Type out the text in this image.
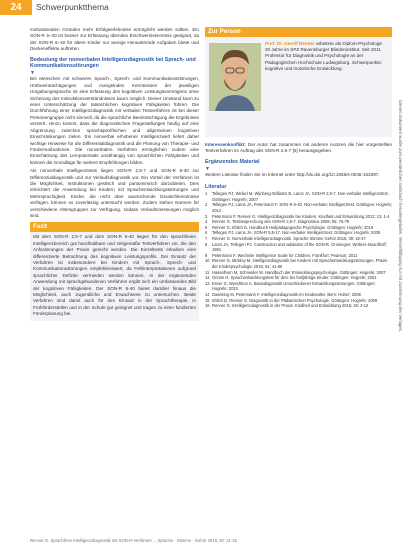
24	Schwerpunktthema

motivationalen Gründen mehr Erfolgserlebnisse ermöglicht werden sollten. Ein SON-R 6–40 ist besser zur Erfassung übendes Erschwerniskenntnis geeignet, da der SON-R 6–40 für ältere Kinder nur wenige Heraustrende Aufgaben bietet und Deckeneffekte auftreten.

Bedeutung der nonverbalen Intelligenzdiagnostik bei Sprach- und Kommunikationsstörungen
▼

Bei Menschen mit schweren Sprach-, Sprech- und Kommunikationsstörungen, Hörbeeinträchtigungen und mangelnden Kenntnissen der jeweiligen Umgebungssprache ist eine Erfassung des kognitiven Leistungsvermögens ohne Sicherung des Instruktionsverständnisses kaum möglich. Dieser Umstand kann zu einer Unterschätzung der tatsächlichen kognitiven Fähigkeiten führen. Die Durchführung einer Intelligenzdiagnostik mit verbalen Testverfahren ist bei dieser Personengruppe nicht sinnvoll, da die sprachliche Beeinträchtigung die Ergebnisse verzerrt. Hinzu kommt, dass die diagnostischen Fragestellungen häufig auf eine Abgrenzung zwischen sprachspezifischen und allgemeinen kognitiven Einschränkungen zielen. Ein nonverbal erhobener Intelligenzwert liefert daher wichtige Hinweise für die Differentialdiagnostik und die Planung von Therapie- und Fördermaßnahmen. Die nonverbalen Verfahren ermöglichen zudem eine Einschätzung des Lernpotentials unabhängig von sprachlichen Fähigkeiten und können die Grundlage für weitere Empfehlungen bilden.

Als nonverbale Intelligenztests liegen SON-R 2,5-7 und SON-R 6-40 zur Differenzialdiagnostik und zur Verlaufsdiagnostik vor. Ein Vorteil der Verfahren ist die Möglichkeit, Instruktionen gestisch und pantomimisch darzubieten. Dies erleichtert die Anwendung bei Kindern mit Sprachentwicklungsstörungen und Mehrsprachigkeit. Kinder, die nicht über ausreichende Deutschkenntnisse verfügen, können so zuverlässig untersucht werden. Zudem stehen Normen für verschiedene Altersgruppen zur Verfügung, sodass Verlaufsmessungen möglich sind.

Fazit

Mit dem SON-R 2,5-7 und dem SON-R 6-40 liegen für den sprachfreien Intelligenzbereich gut handhabbare und zeitgemäße Testverfahren vor, die den Anforderungen der Praxis gerecht werden. Die Einzeltests erlauben eine differenzierte Betrachtung des kognitiven Leistungsprofils. Der Einsatz der Verfahren ist insbesondere bei Kindern mit Sprach-, Sprech- und Kommunikationsstörungen empfehlenswert, da Fehlinterpretationen aufgrund sprachlicher Defizite vermieden werden können. In der ergänzenden Anwendung mit sprachgebundenen Verfahren ergibt sich ein umfassendes Bild der kognitiven Fähigkeiten. Der SON-R 6-40 bietet darüber hinaus die Möglichkeit, auch Jugendliche und Erwachsene zu untersuchen. Beide Verfahren sind damit auch für den Einsatz in der Sprachtherapie, in Frühförderstellen und in der Schule gut geeignet und tragen zu einer fundierten Förderplanung bei.

Zur Person
Prof. Dr. Gerolf Renner arbeitete als Diplom-Psychologe 20 Jahre im SPZ Ravensburger Blindeninstitut. Seit 2011 Professor für Diagnostik und Psychologie an der Pädagogischen Hochschule Ludwigsburg. Schwerpunkte: kognitive und motorische Entwicklung.

Interessenkonflikt: Der Autor hat zusammen mit anderen Autoren die hier vorgestellten Testverfahren im Auftrag des SON-R 2,5-7 [5] herausgegeben.

Ergänzendes Material
▼

Weitere Literatur finden Sie im Internet unter http://dx.doi.org/10.1055/s-0045-152397.

Literatur
1	Tellegen PJ, Winkel M, Wijnberg-Williams B, Laros JA. SON-R 2,5-7. Non-verbaler Intelligenztest. Göttingen: Hogrefe; 2007
2	Tellegen PJ, Laros JA, Petermann F. SON-R 6-40. Non-verbaler Intelligenztest. Göttingen: Hogrefe; 2012
3	Petermann F, Renner G. Intelligenzdiagnostik bei Kindern. Kindheit und Entwicklung 2012; 21: 1-4
4	Renner G. Testbesprechung des SON-R 2,5-7. Diagnostica 2009; 55: 76-78
5	Renner G, Irblich D. Handbuch Heilpädagogische Psychologie. Göttingen: Hogrefe; 2016
6	Tellegen PJ, Laros JA. SON-R 5,5-17. Non-verbaler Intelligenztest. Göttingen: Hogrefe; 2005
7	Renner G. Nonverbale Intelligenzdiagnostik. Sprache Stimme Gehör 2015; 39: 42-47
8	Laros JA, Tellegen PJ. Construction and validation of the SON-R. Groningen: Wolters-Noordhoff; 1991
9	Petermann F. Wechsler Intelligence Scale for Children. Frankfurt: Pearson; 2011
10 Renner G, Mickley M. Intelligenzdiagnostik bei Kindern mit Sprachentwicklungsstörungen. Praxis der Kinderpsychologie 2015; 64: 41-60
11 Hasselhorn M, Schneider W. Handbuch der Entwicklungspsychologie. Göttingen: Hogrefe; 2007
12 Grimm H. Sprachentwicklungstest für drei- bis fünfjährige Kinder. Göttingen: Hogrefe; 2001
13 Esser G, Wyschkon A. Basisdiagnostik Umschriebener Entwicklungsstörungen. Göttingen: Hogrefe; 2010
14 Daseking M, Petermann F. Intelligenzdiagnostik im Kindesalter. Bern: Huber; 2008
15 Irblich D, Renner G. Diagnostik in der Pädiatrischen Psychologie. Göttingen: Hogrefe; 2009
16 Renner G. Intelligenzdiagnostik in der Praxis. Kindheit und Entwicklung 2016; 25: 3-12	Dieses Dokument wurde zum persönlichen Gebrauch heruntergeladen. Vervielfältigung nur mit Zustimmung des Verlages.
Renner G. Sprachfreie Intelligenzdiagnostik mit SON-R-Verfahren ... Sprache · Stimme · Gehör 2016; 40: 21-26
